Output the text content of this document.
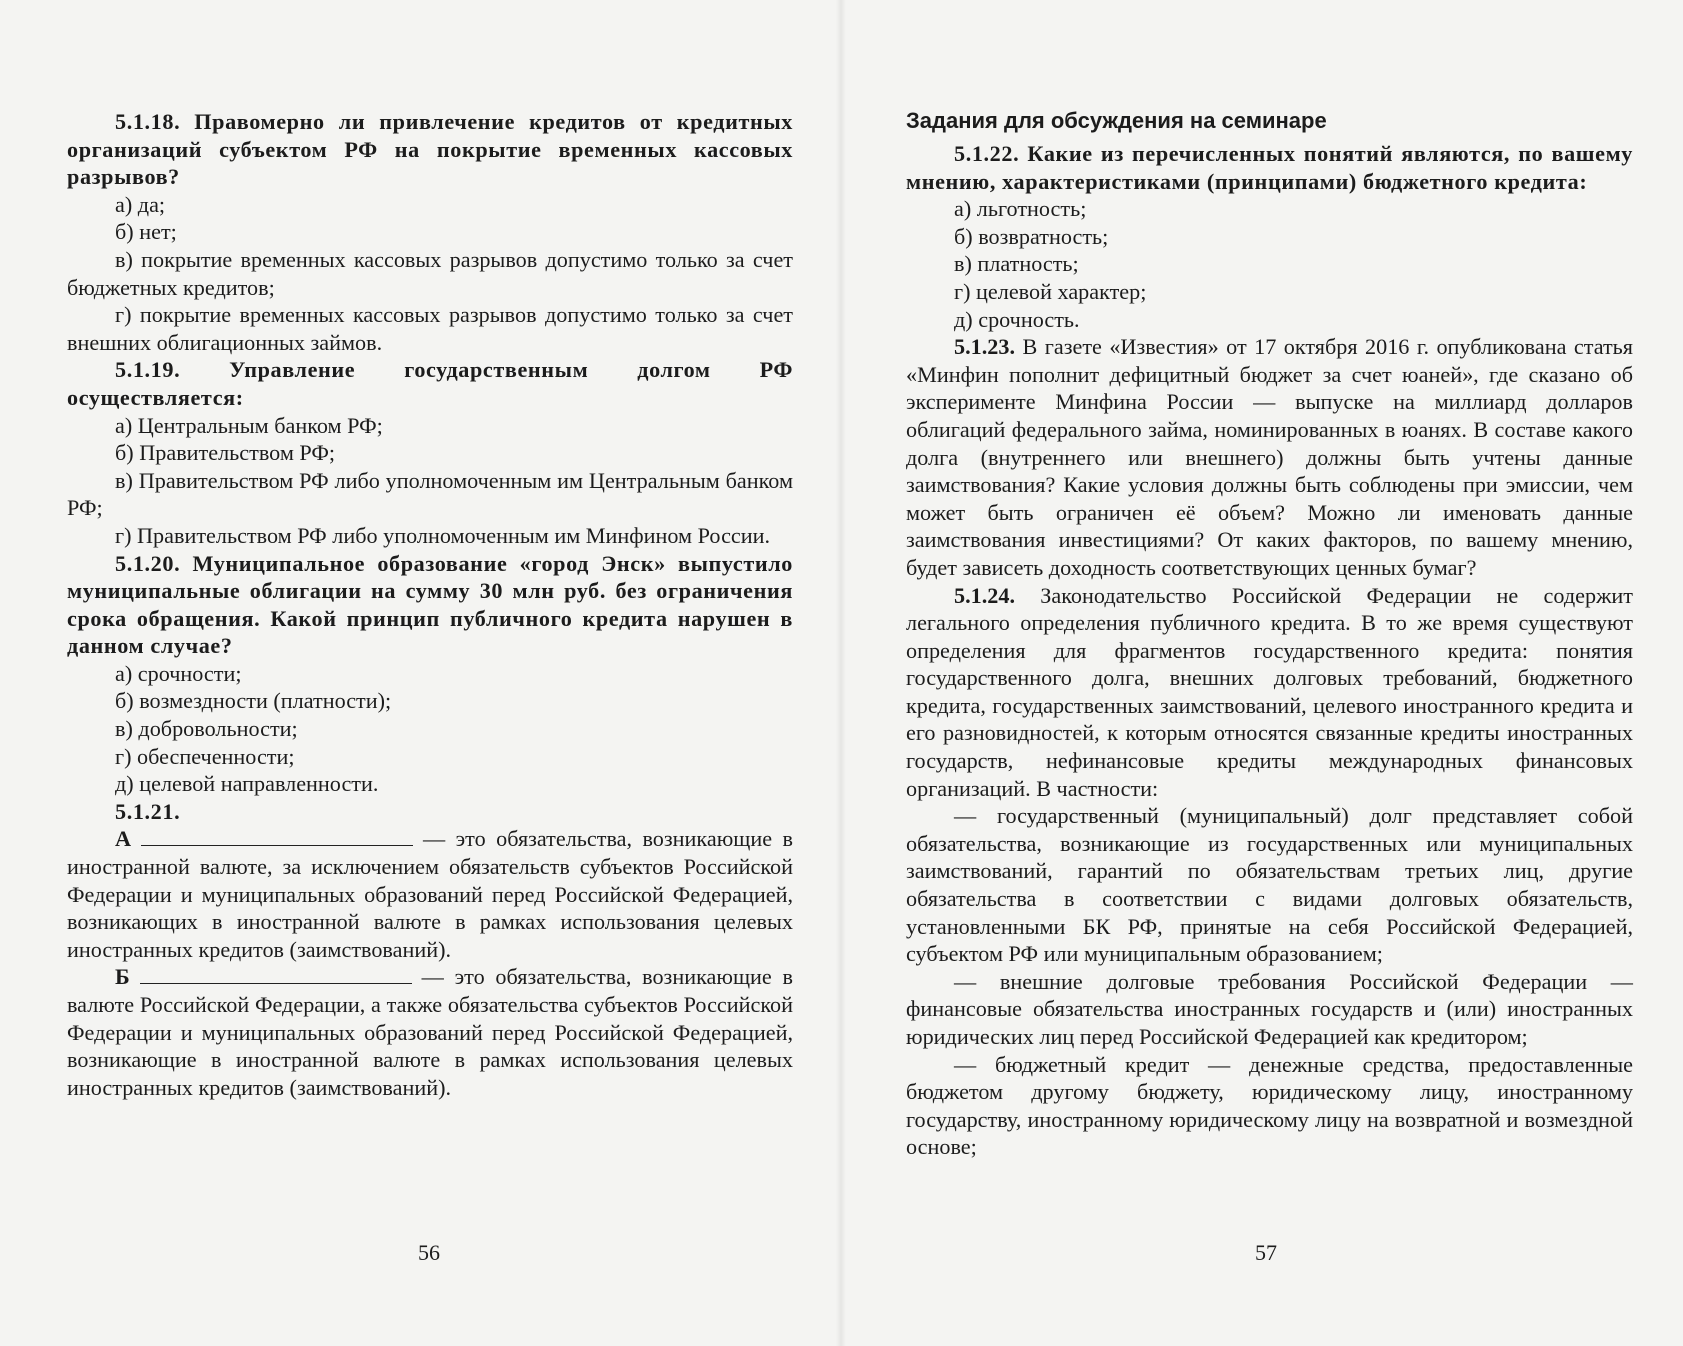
5.1.18. Правомерно ли привлечение кредитов от кредитных организаций субъектом РФ на покрытие временных кассовых разрывов?

а) да;

б) нет;

в) покрытие временных кассовых разрывов допустимо только за счет бюджетных кредитов;

г) покрытие временных кассовых разрывов допустимо только за счет внешних облигационных займов.

5.1.19. Управление государственным долгом РФ осуществляется:

а) Центральным банком РФ;

б) Правительством РФ;

в) Правительством РФ либо уполномоченным им Центральным банком РФ;

г) Правительством РФ либо уполномоченным им Минфином России.

5.1.20. Муниципальное образование «город Энск» выпустило муниципальные облигации на сумму 30 млн руб. без ограничения срока обращения. Какой принцип публичного кредита нарушен в данном случае?

а) срочности;

б) возмездности (платности);

в) добровольности;

г) обеспеченности;

д) целевой направленности.

5.1.21.

А	— это обязательства, возникающие в иностранной валюте, за исключением обязательств субъектов Российской Федерации и муниципальных образований перед Российской Федерацией, возникающих в иностранной валюте в рамках использования целевых иностранных кредитов (заимствований).

Б	— это обязательства, возникающие в валюте Российской Федерации, а также обязательства субъектов Российской Федерации и муниципальных образований перед Российской Федерацией, возникающие в иностранной валюте в рамках использования целевых иностранных кредитов (заимствований).

56
Задания для обсуждения на семинаре

5.1.22. Какие из перечисленных понятий являются, по вашему мнению, характеристиками (принципами) бюджетного кредита:

а) льготность;

б) возвратность;

в) платность;

г) целевой характер;

д) срочность.

5.1.23. В газете «Известия» от 17 октября 2016 г. опубликована статья «Минфин пополнит дефицитный бюджет за счет юаней», где сказано об эксперименте Минфина России — выпуске на миллиард долларов облигаций федерального займа, номинированных в юанях. В составе какого долга (внутреннего или внешнего) должны быть учтены данные заимствования? Какие условия должны быть соблюдены при эмиссии, чем может быть ограничен её объем? Можно ли именовать данные заимствования инвестициями? От каких факторов, по вашему мнению, будет зависеть доходность соответствующих ценных бумаг?

5.1.24. Законодательство Российской Федерации не содержит легального определения публичного кредита. В то же время существуют определения для фрагментов государственного кредита: понятия государственного долга, внешних долговых требований, бюджетного кредита, государственных заимствований, целевого иностранного кредита и его разновидностей, к которым относятся связанные кредиты иностранных государств, нефинансовые кредиты международных финансовых организаций. В частности:

— государственный (муниципальный) долг представляет собой обязательства, возникающие из государственных или муниципальных заимствований, гарантий по обязательствам третьих лиц, другие обязательства в соответствии с видами долговых обязательств, установленными БК РФ, принятые на себя Российской Федерацией, субъектом РФ или муниципальным образованием;

— внешние долговые требования Российской Федерации — финансовые обязательства иностранных государств и (или) иностранных юридических лиц перед Российской Федерацией как кредитором;

— бюджетный кредит — денежные средства, предоставленные бюджетом другому бюджету, юридическому лицу, иностранному государству, иностранному юридическому лицу на возвратной и возмездной основе;

57
